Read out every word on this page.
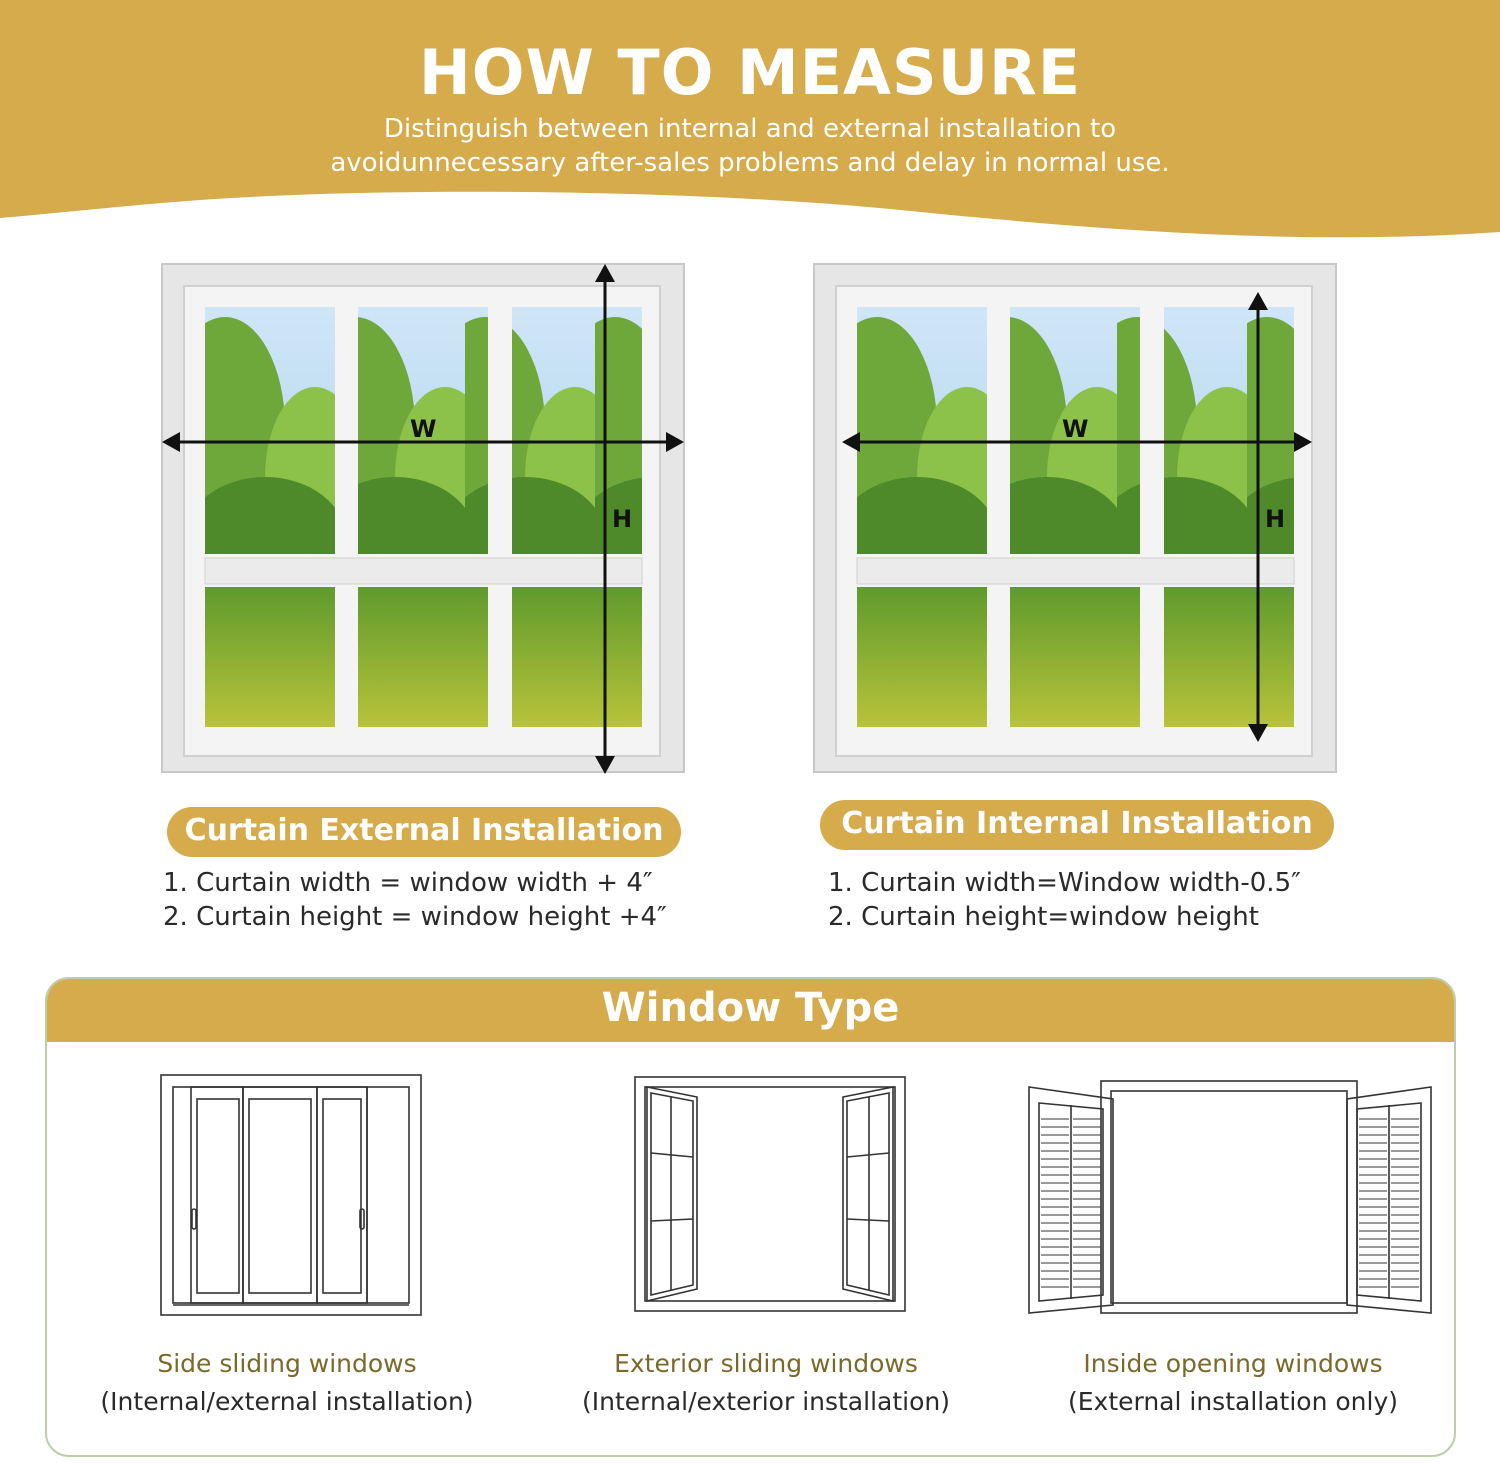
HOW TO MEASURE
Distinguish between internal and external installation to
avoidunnecessary after-sales problems and delay in normal use.
W
H
W
H
Curtain External Installation	Curtain Internal Installation
1. Curtain width = window width + 4″
2. Curtain height = window height +4″
1. Curtain width=Window width-0.5″
2. Curtain height=window height
Window Type
Side sliding windows
(Internal/external installation)
Exterior sliding windows
(Internal/exterior installation)
Inside opening windows
(External installation only)
